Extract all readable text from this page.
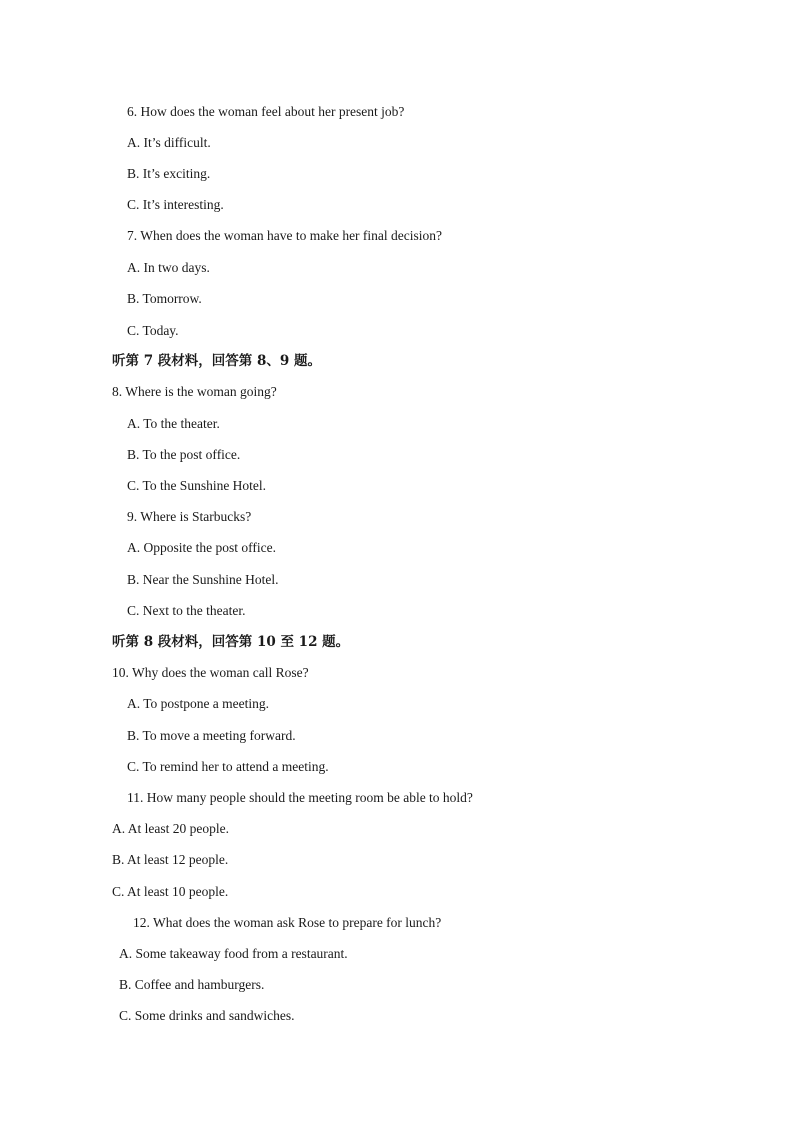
6. How does the woman feel about her present job?
A. It’s difficult.
B. It’s exciting.
C. It’s interesting.
7. When does the woman have to make her final decision?
A. In two days.
B. Tomorrow.
C. Today.
听第 7 段材料，回答第 8、9 题。
8. Where is the woman going?
A. To the theater.
B. To the post office.
C. To the Sunshine Hotel.
9. Where is Starbucks?
A. Opposite the post office.
B. Near the Sunshine Hotel.
C. Next to the theater.
听第 8 段材料，回答第 10 至 12 题。
10. Why does the woman call Rose?
A. To postpone a meeting.
B. To move a meeting forward.
C. To remind her to attend a meeting.
11. How many people should the meeting room be able to hold?
A. At least 20 people.
B. At least 12 people.
C. At least 10 people.
12. What does the woman ask Rose to prepare for lunch?
A. Some takeaway food from a restaurant.
B. Coffee and hamburgers.
C. Some drinks and sandwiches.
